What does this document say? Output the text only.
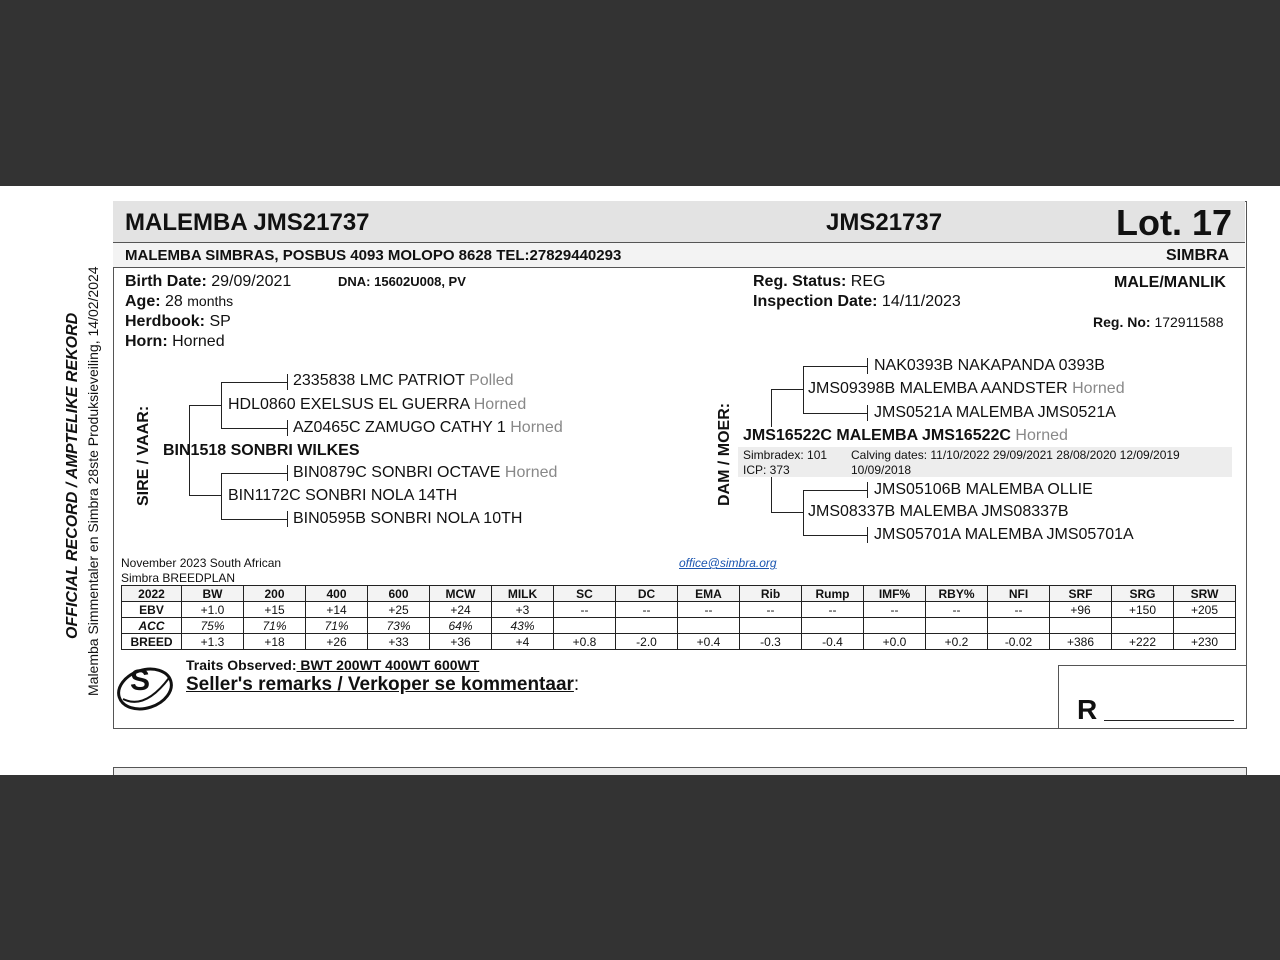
OFFICIAL RECORD / AMPTELIKE REKORD Malemba Simmentaler en Simbra 28ste Produksieveiling, 14/02/2024
MALEMBA JMS21737	JMS21737	Lot. 17
MALEMBA SIMBRAS, POSBUS 4093 MOLOPO 8628 TEL:27829440293	SIMBRA
Birth Date: 29/09/2021
Age: 28 months
Herdbook: SP
Horn: Horned
DNA: 15602U008, PV	Reg. Status: REG
Inspection Date: 14/11/2023
MALE/MANLIK
Reg. No: 172911588
SIRE / VAAR:	DAM / MOER:
2335838 LMC PATRIOT Polled
HDL0860 EXELSUS EL GUERRA Horned
AZ0465C ZAMUGO CATHY 1 Horned
BIN1518 SONBRI WILKES
BIN0879C SONBRI OCTAVE Horned
BIN1172C SONBRI NOLA 14TH
BIN0595B SONBRI NOLA 10TH
NAK0393B NAKAPANDA 0393B
JMS09398B MALEMBA AANDSTER Horned
JMS0521A MALEMBA JMS0521A
JMS16522C MALEMBA JMS16522C Horned
Simbradex: 101
ICP: 373
Calving dates: 11/10/2022 29/09/2021 28/08/2020 12/09/2019
10/09/2018
JMS05106B MALEMBA OLLIE
JMS08337B MALEMBA JMS08337B
JMS05701A MALEMBA JMS05701A
November 2023 South African
Simbra BREEDPLAN
office@simbra.org
2022	BW	200	400	600	MCW	MILK	SC	DC	EMA	Rib	Rump	IMF%	RBY%	NFI	SRF	SRG	SRW
EBV	+1.0	+15	+14	+25	+24	+3	--	--	--	--	--	--	--	--	+96	+150	+205
ACC	75%	71%	71%	73%	64%	43%											
BREED	+1.3	+18	+26	+33	+36	+4	+0.8	-2.0	+0.4	-0.3	-0.4	+0.0	+0.2	-0.02	+386	+222	+230
S	Traits Observed: BWT 200WT 400WT 600WT
Seller's remarks / Verkoper se kommentaar:
R
